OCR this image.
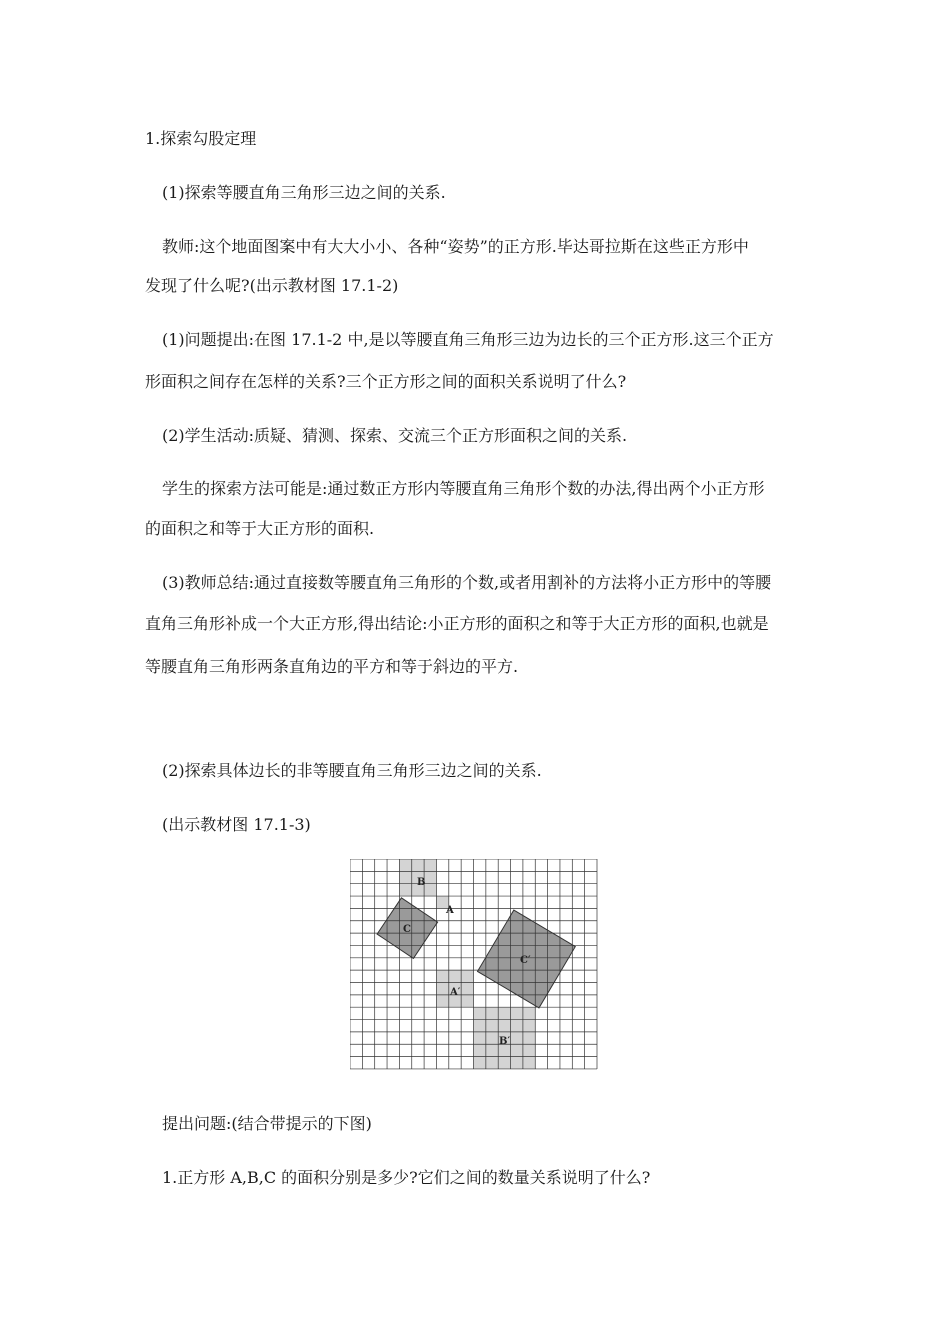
1.探索勾股定理
(1)探索等腰直角三角形三边之间的关系.
教师:这个地面图案中有大大小小、各种“姿势”的正方形.毕达哥拉斯在这些正方形中
发现了什么呢?(出示教材图 17.1-2)
(1)问题提出:在图 17.1-2 中,是以等腰直角三角形三边为边长的三个正方形.这三个正方
形面积之间存在怎样的关系?三个正方形之间的面积关系说明了什么?
(2)学生活动:质疑、猜测、探索、交流三个正方形面积之间的关系.
学生的探索方法可能是:通过数正方形内等腰直角三角形个数的办法,得出两个小正方形
的面积之和等于大正方形的面积.
(3)教师总结:通过直接数等腰直角三角形的个数,或者用割补的方法将小正方形中的等腰
直角三角形补成一个大正方形,得出结论:小正方形的面积之和等于大正方形的面积,也就是
等腰直角三角形两条直角边的平方和等于斜边的平方.
(2)探索具体边长的非等腰直角三角形三边之间的关系.
(出示教材图 17.1-3)
B
A
C
C′
A′
B′
提出问题:(结合带提示的下图)
1.正方形 A,B,C 的面积分别是多少?它们之间的数量关系说明了什么?
